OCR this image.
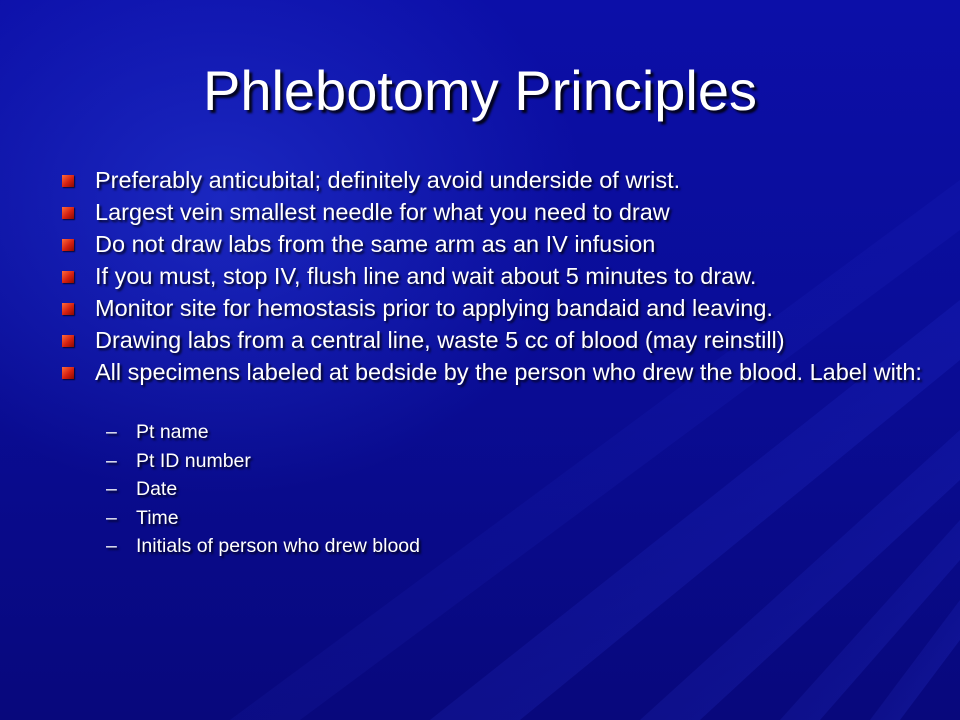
Phlebotomy Principles
Preferably anticubital; definitely avoid underside of wrist.
Largest vein smallest needle for what you need to draw
Do not draw labs from the same arm as an IV infusion
If you must, stop IV, flush line and wait about 5 minutes to draw.
Monitor site for hemostasis prior to applying bandaid and leaving.
Drawing labs from a central line, waste 5 cc of blood (may reinstill)
All specimens labeled at bedside by the person who drew the blood. Label with:
– Pt name
– Pt ID number
– Date
– Time
– Initials of person who drew blood
